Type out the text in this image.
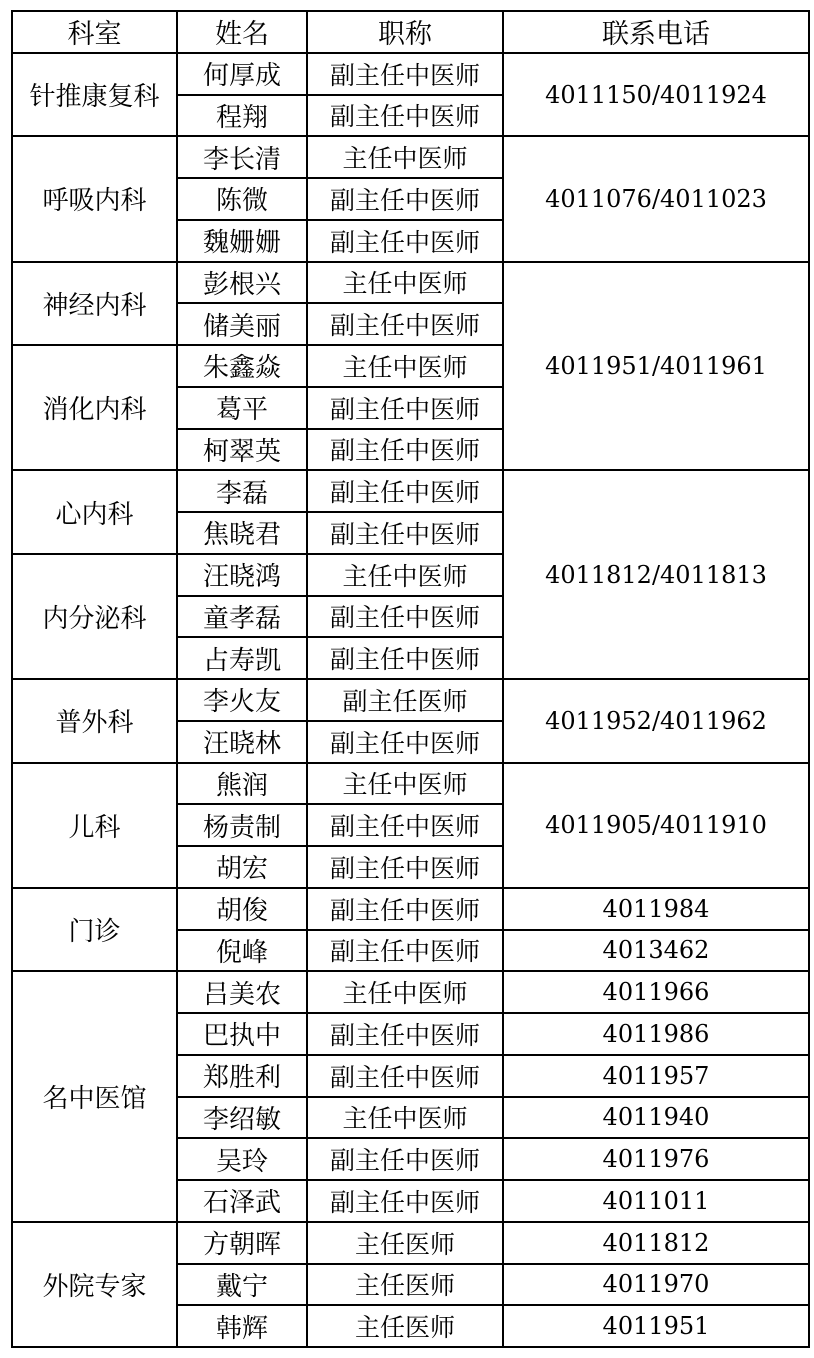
科室	姓名	职称	联系电话
针推康复科	何厚成	副主任中医师	4011150/4011924
	程翔	副主任中医师	
呼吸内科	李长清	主任中医师	4011076/4011023
	陈微	副主任中医师	
	魏姗姗	副主任中医师	
神经内科	彭根兴	主任中医师	4011951/4011961
	储美丽	副主任中医师	
消化内科	朱鑫焱	主任中医师	
	葛平	副主任中医师	
	柯翠英	副主任中医师	
心内科	李磊	副主任中医师	4011812/4011813
	焦晓君	副主任中医师	
内分泌科	汪晓鸿	主任中医师	
	童孝磊	副主任中医师	
	占寿凯	副主任中医师	
普外科	李火友	副主任医师	4011952/4011962
	汪晓林	副主任中医师	
儿科	熊润	主任中医师	4011905/4011910
	杨责制	副主任中医师	
	胡宏	副主任中医师	
门诊	胡俊	副主任中医师	4011984
	倪峰	副主任中医师	4013462
名中医馆	吕美农	主任中医师	4011966
	巴执中	副主任中医师	4011986
	郑胜利	副主任中医师	4011957
	李绍敏	主任中医师	4011940
	吴玲	副主任中医师	4011976
	石泽武	副主任中医师	4011011
外院专家	方朝晖	主任医师	4011812
	戴宁	主任医师	4011970
	韩辉	主任医师	4011951
